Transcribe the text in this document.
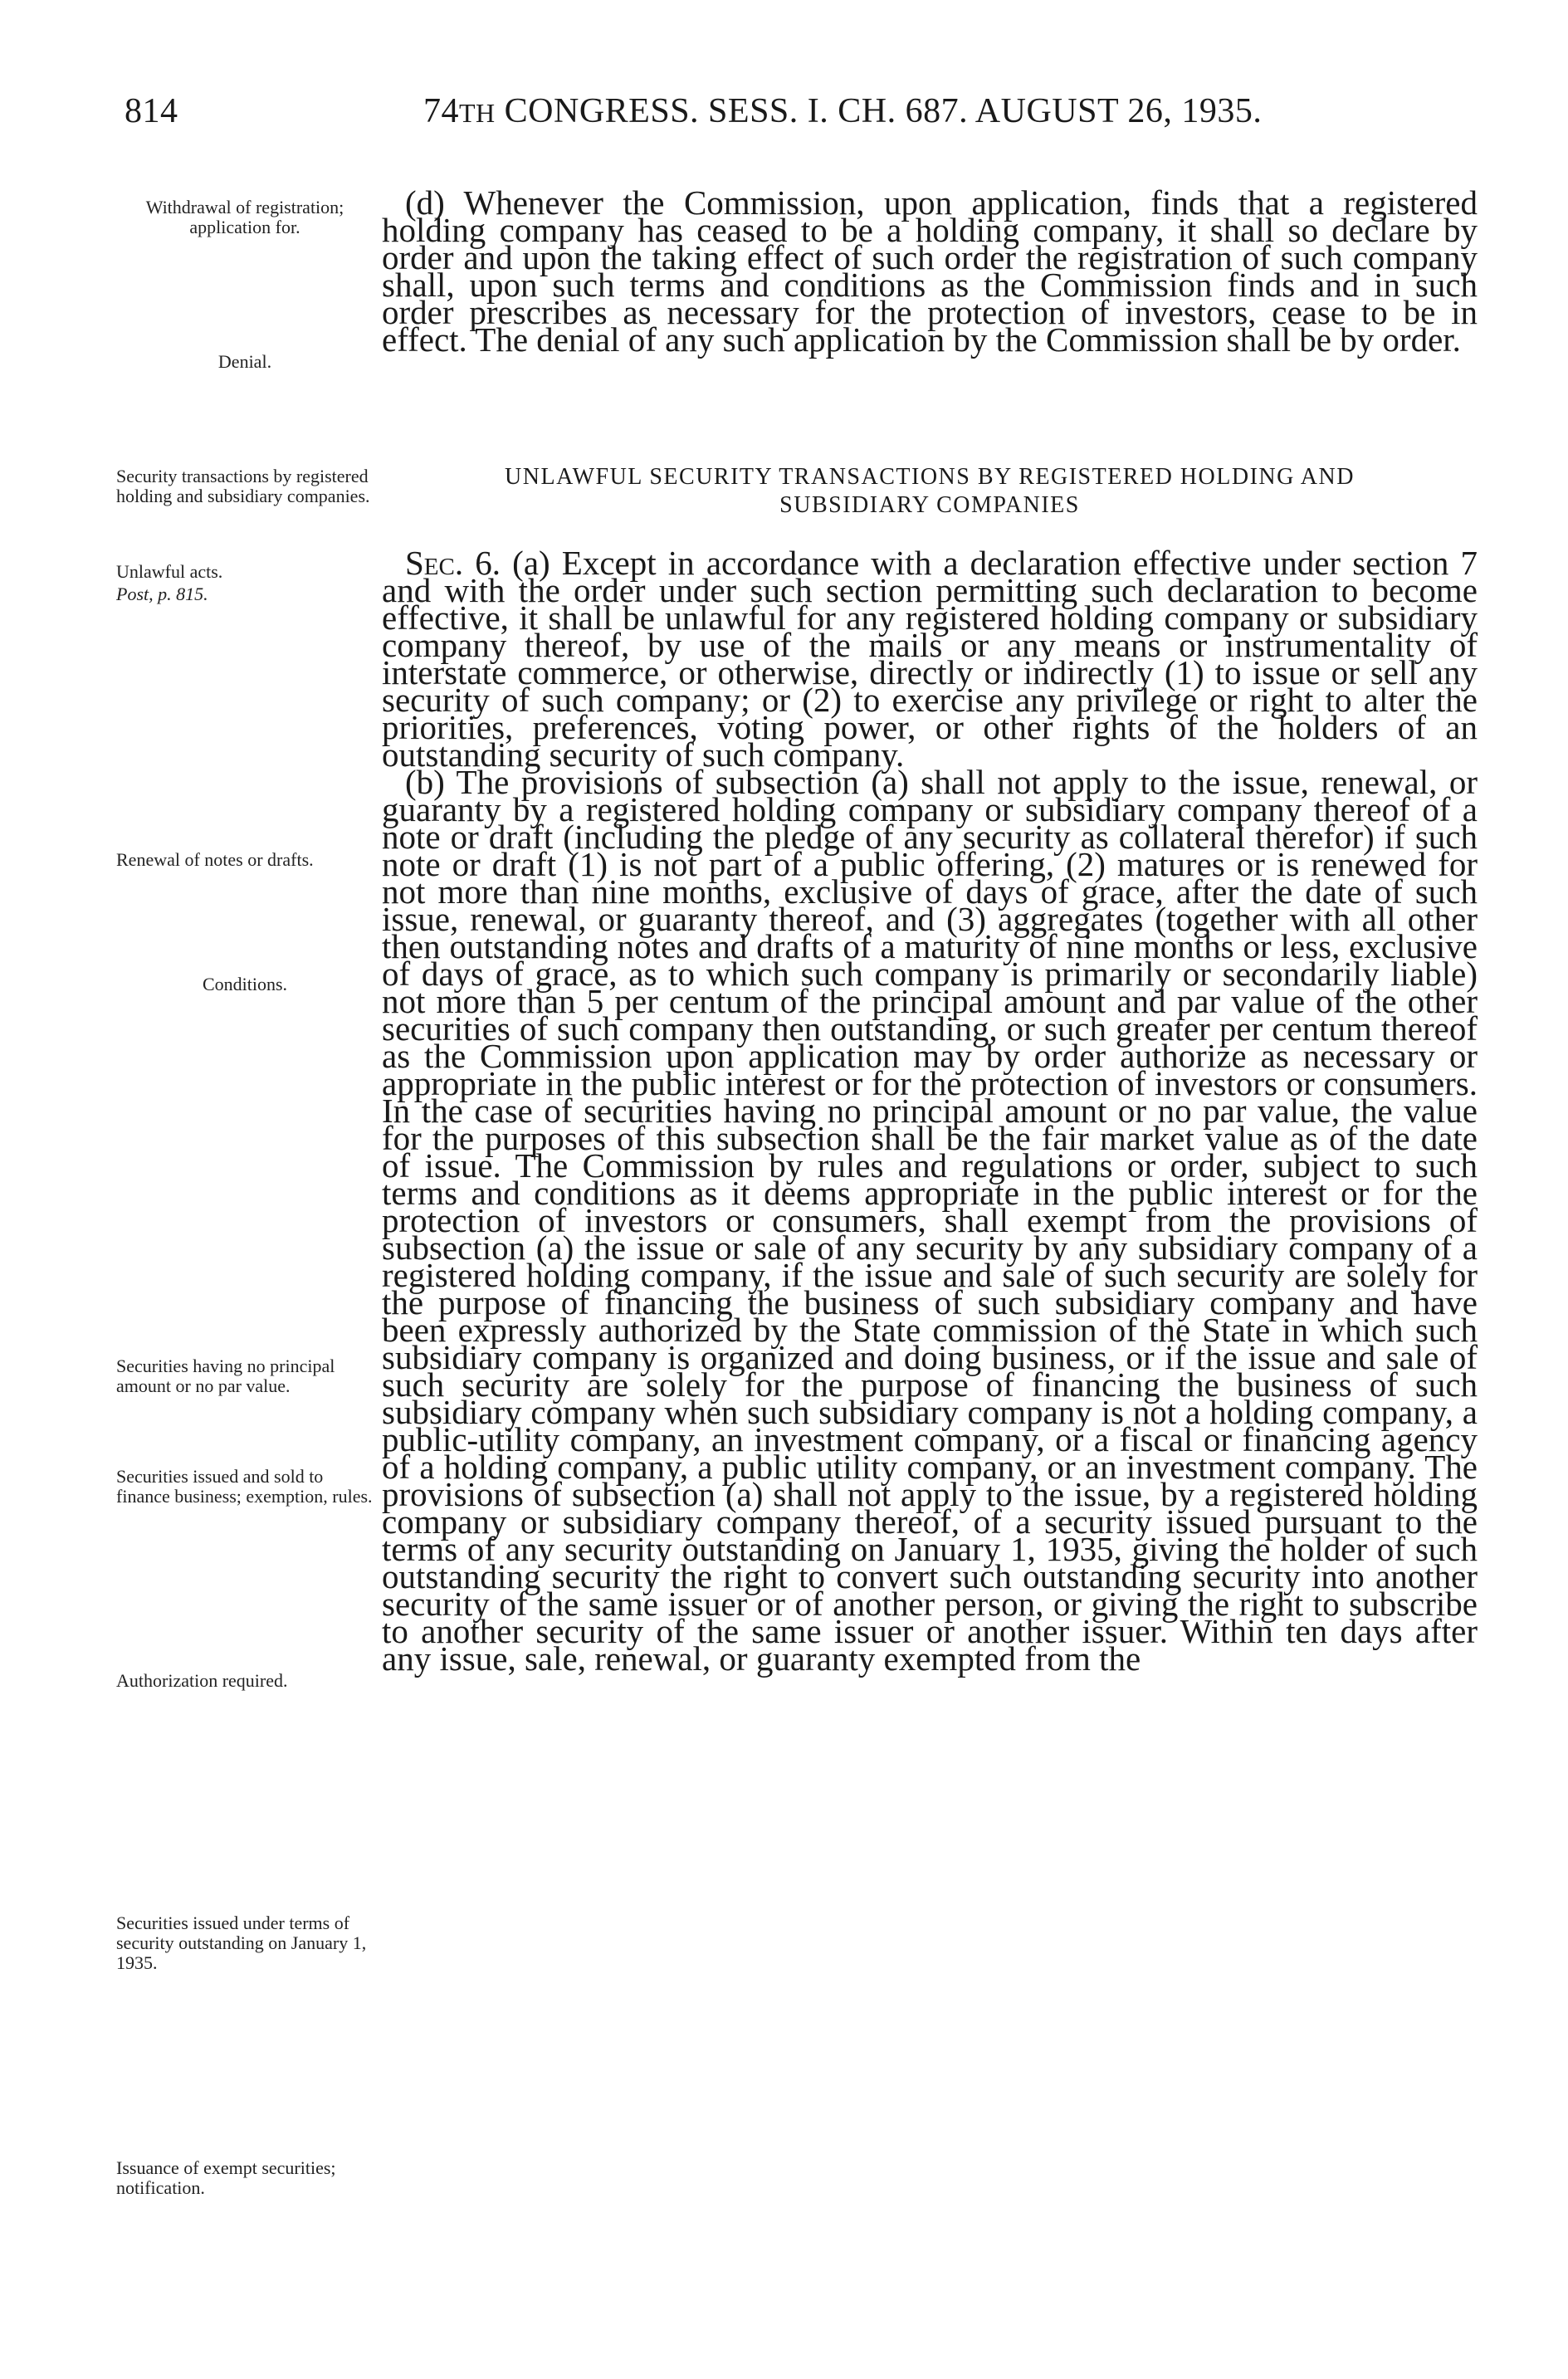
814	74TH CONGRESS. SESS. I. CH. 687. AUGUST 26, 1935.
Withdrawal of registration; application for.
Denial.
Security transactions by registered holding and subsidiary companies.
Unlawful acts.
Post, p. 815.
Renewal of notes or drafts.
Conditions.
Securities having no principal amount or no par value.
Securities issued and sold to finance business; exemption, rules.
Authorization required.
Securities issued under terms of security outstanding on January 1, 1935.
Issuance of exempt securities; notification.

(d) Whenever the Commission, upon application, finds that a registered holding company has ceased to be a holding company, it shall so declare by order and upon the taking effect of such order the registration of such company shall, upon such terms and conditions as the Commission finds and in such order prescribes as necessary for the protection of investors, cease to be in effect. The denial of any such application by the Commission shall be by order.

UNLAWFUL SECURITY TRANSACTIONS BY REGISTERED HOLDING AND
SUBSIDIARY COMPANIES

Sec. 6. (a) Except in accordance with a declaration effective under section 7 and with the order under such section permitting such declaration to become effective, it shall be unlawful for any registered holding company or subsidiary company thereof, by use of the mails or any means or instrumentality of interstate commerce, or otherwise, directly or indirectly (1) to issue or sell any security of such company; or (2) to exercise any privilege or right to alter the priorities, preferences, voting power, or other rights of the holders of an outstanding security of such company.

(b) The provisions of subsection (a) shall not apply to the issue, renewal, or guaranty by a registered holding company or subsidiary company thereof of a note or draft (including the pledge of any security as collateral therefor) if such note or draft (1) is not part of a public offering, (2) matures or is renewed for not more than nine months, exclusive of days of grace, after the date of such issue, renewal, or guaranty thereof, and (3) aggregates (together with all other then outstanding notes and drafts of a maturity of nine months or less, exclusive of days of grace, as to which such company is primarily or secondarily liable) not more than 5 per centum of the principal amount and par value of the other securities of such company then outstanding, or such greater per centum thereof as the Commission upon application may by order authorize as necessary or appropriate in the public interest or for the protection of investors or consumers. In the case of securities having no principal amount or no par value, the value for the purposes of this subsection shall be the fair market value as of the date of issue. The Commission by rules and regulations or order, subject to such terms and conditions as it deems appropriate in the public interest or for the protection of investors or consumers, shall exempt from the provisions of subsection (a) the issue or sale of any security by any subsidiary company of a registered holding company, if the issue and sale of such security are solely for the purpose of financing the business of such subsidiary company and have been expressly authorized by the State commission of the State in which such subsidiary company is organized and doing business, or if the issue and sale of such security are solely for the purpose of financing the business of such subsidiary company when such subsidiary company is not a holding company, a public-utility company, an investment company, or a fiscal or financing agency of a holding company, a public utility company, or an investment company. The provisions of subsection (a) shall not apply to the issue, by a registered holding company or subsidiary company thereof, of a security issued pursuant to the terms of any security outstanding on January 1, 1935, giving the holder of such outstanding security the right to convert such outstanding security into another security of the same issuer or of another person, or giving the right to subscribe to another security of the same issuer or another issuer. Within ten days after any issue, sale, renewal, or guaranty exempted from the
